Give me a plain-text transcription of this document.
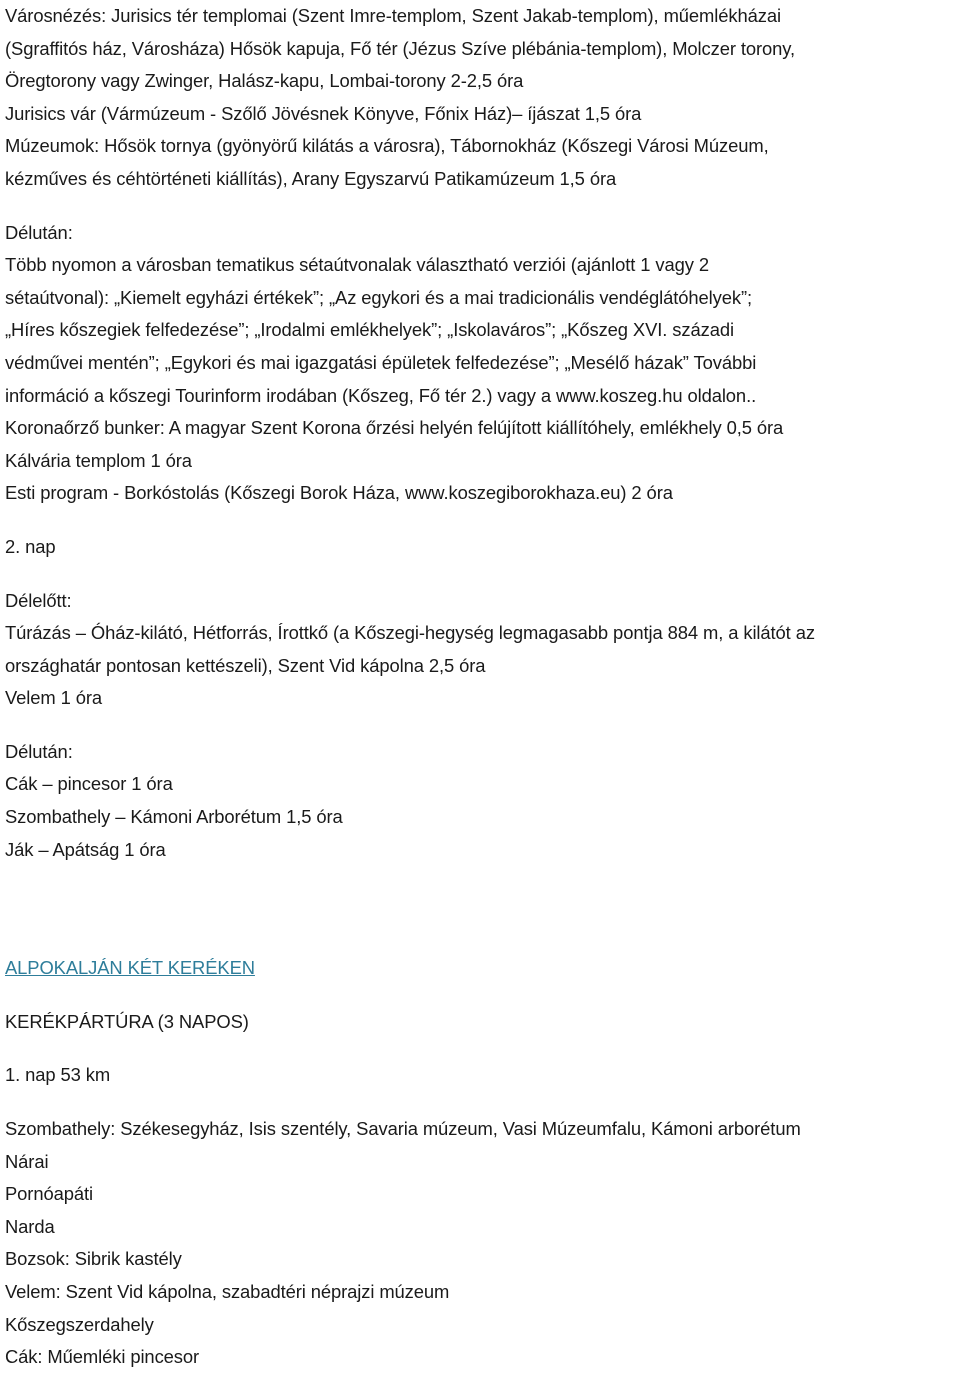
Városnézés: Jurisics tér templomai (Szent Imre-templom, Szent Jakab-templom), műemlékházai
(Sgraffitós ház, Városháza) Hősök kapuja, Fő tér (Jézus Szíve plébánia-templom), Molczer torony,
Öregtorony vagy Zwinger, Halász-kapu, Lombai-torony 2-2,5 óra
Jurisics vár (Vármúzeum - Szőlő Jövésnek Könyve, Főnix Ház)– íjászat 1,5 óra
Múzeumok: Hősök tornya (gyönyörű kilátás a városra), Tábornokház (Kőszegi Városi Múzeum,
kézműves és céhtörténeti kiállítás), Arany Egyszarvú Patikamúzeum 1,5 óra
Délután:
Több nyomon a városban tematikus sétaútvonalak választható verziói (ajánlott 1 vagy 2
sétaútvonal): „Kiemelt egyházi értékek”; „Az egykori és a mai tradicionális vendéglátóhelyek”;
„Híres kőszegiek felfedezése”; „Irodalmi emlékhelyek”; „Iskolaváros”; „Kőszeg XVI. századi
védművei mentén”; „Egykori és mai igazgatási épületek felfedezése”; „Mesélő házak” További
információ a kőszegi Tourinform irodában (Kőszeg, Fő tér 2.) vagy a www.koszeg.hu oldalon..
Koronaőrző bunker: A magyar Szent Korona őrzési helyén felújított kiállítóhely, emlékhely 0,5 óra
Kálvária templom 1 óra
Esti program - Borkóstolás (Kőszegi Borok Háza, www.koszegiborokhaza.eu) 2 óra
2. nap
Délelőtt:
Túrázás – Óház-kilátó, Hétforrás, Írottkő (a Kőszegi-hegység legmagasabb pontja 884 m, a kilátót az
országhatár pontosan kettészeli), Szent Vid kápolna 2,5 óra
Velem 1 óra
Délután:
Cák – pincesor 1 óra
Szombathely – Kámoni Arborétum 1,5 óra
Ják – Apátság 1 óra
ALPOKALJÁN KÉT KERÉKEN
KERÉKPÁRTÚRA (3 NAPOS)
1. nap 53 km
Szombathely: Székesegyház, Isis szentély, Savaria múzeum, Vasi Múzeumfalu, Kámoni arborétum
Nárai
Pornóapáti
Narda
Bozsok: Sibrik kastély
Velem: Szent Vid kápolna, szabadtéri néprajzi múzeum
Kőszegszerdahely
Cák: Műemléki pincesor
